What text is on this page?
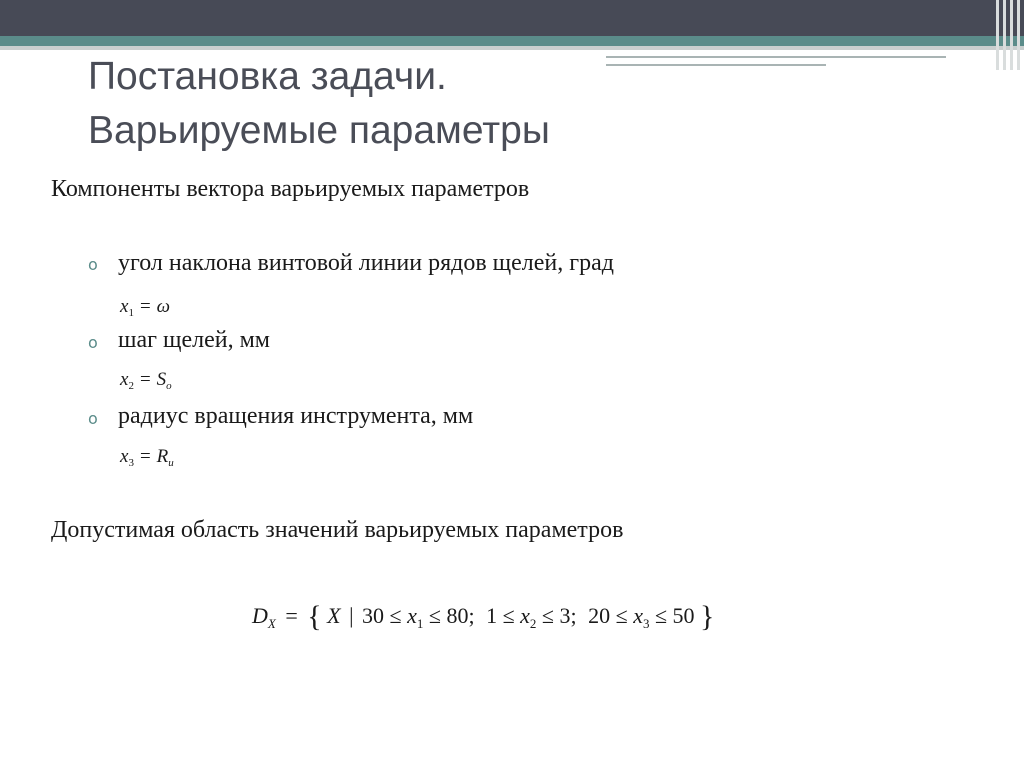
Постановка задачи.
Варьируемые параметры
Компоненты вектора варьируемых параметров
o угол наклона винтовой линии рядов щелей, град
$x_1 = \omega$
o шаг щелей, мм
$x_2 = S_o$
o радиус вращения инструмента, мм
$x_3 = R_и$
Допустимая область значений варьируемых параметров
$D_X$ = { X | $30 \le x_1 \le 80$; $1 \le x_2 \le 3$; $20 \le x_3 \le 50$ }
